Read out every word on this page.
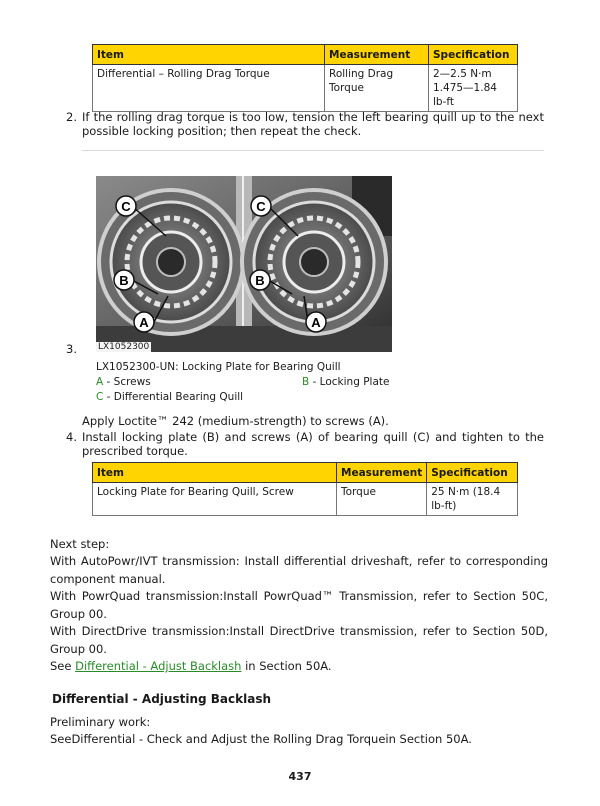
Item	Measurement	Specification
Differential – Rolling Drag Torque	Rolling Drag Torque	2—2.5 N·m
1.475—1.84 lb-ft
2. If the rolling drag torque is too low, tension the left bearing quill up to the next possible locking position; then repeat the check.
C	C
B	B
A	A
LX1052300
3.
LX1052300-UN: Locking Plate for Bearing Quill
A - Screws	B - Locking Plate
C - Differential Bearing Quill
Apply Loctite™ 242 (medium-strength) to screws (A).
4. Install locking plate (B) and screws (A) of bearing quill (C) and tighten to the prescribed torque.
Item	Measurement	Specification
Locking Plate for Bearing Quill, Screw	Torque	25 N·m (18.4 lb-ft)
Next step:
With AutoPowr/IVT transmission: Install differential driveshaft, refer to corresponding component manual.
With PowrQuad transmission:Install PowrQuad™ Transmission, refer to Section 50C, Group 00.
With DirectDrive transmission:Install DirectDrive transmission, refer to Section 50D, Group 00.
See Differential - Adjust Backlash in Section 50A.
Differential - Adjusting Backlash
Preliminary work:
SeeDifferential - Check and Adjust the Rolling Drag Torquein Section 50A.
437
